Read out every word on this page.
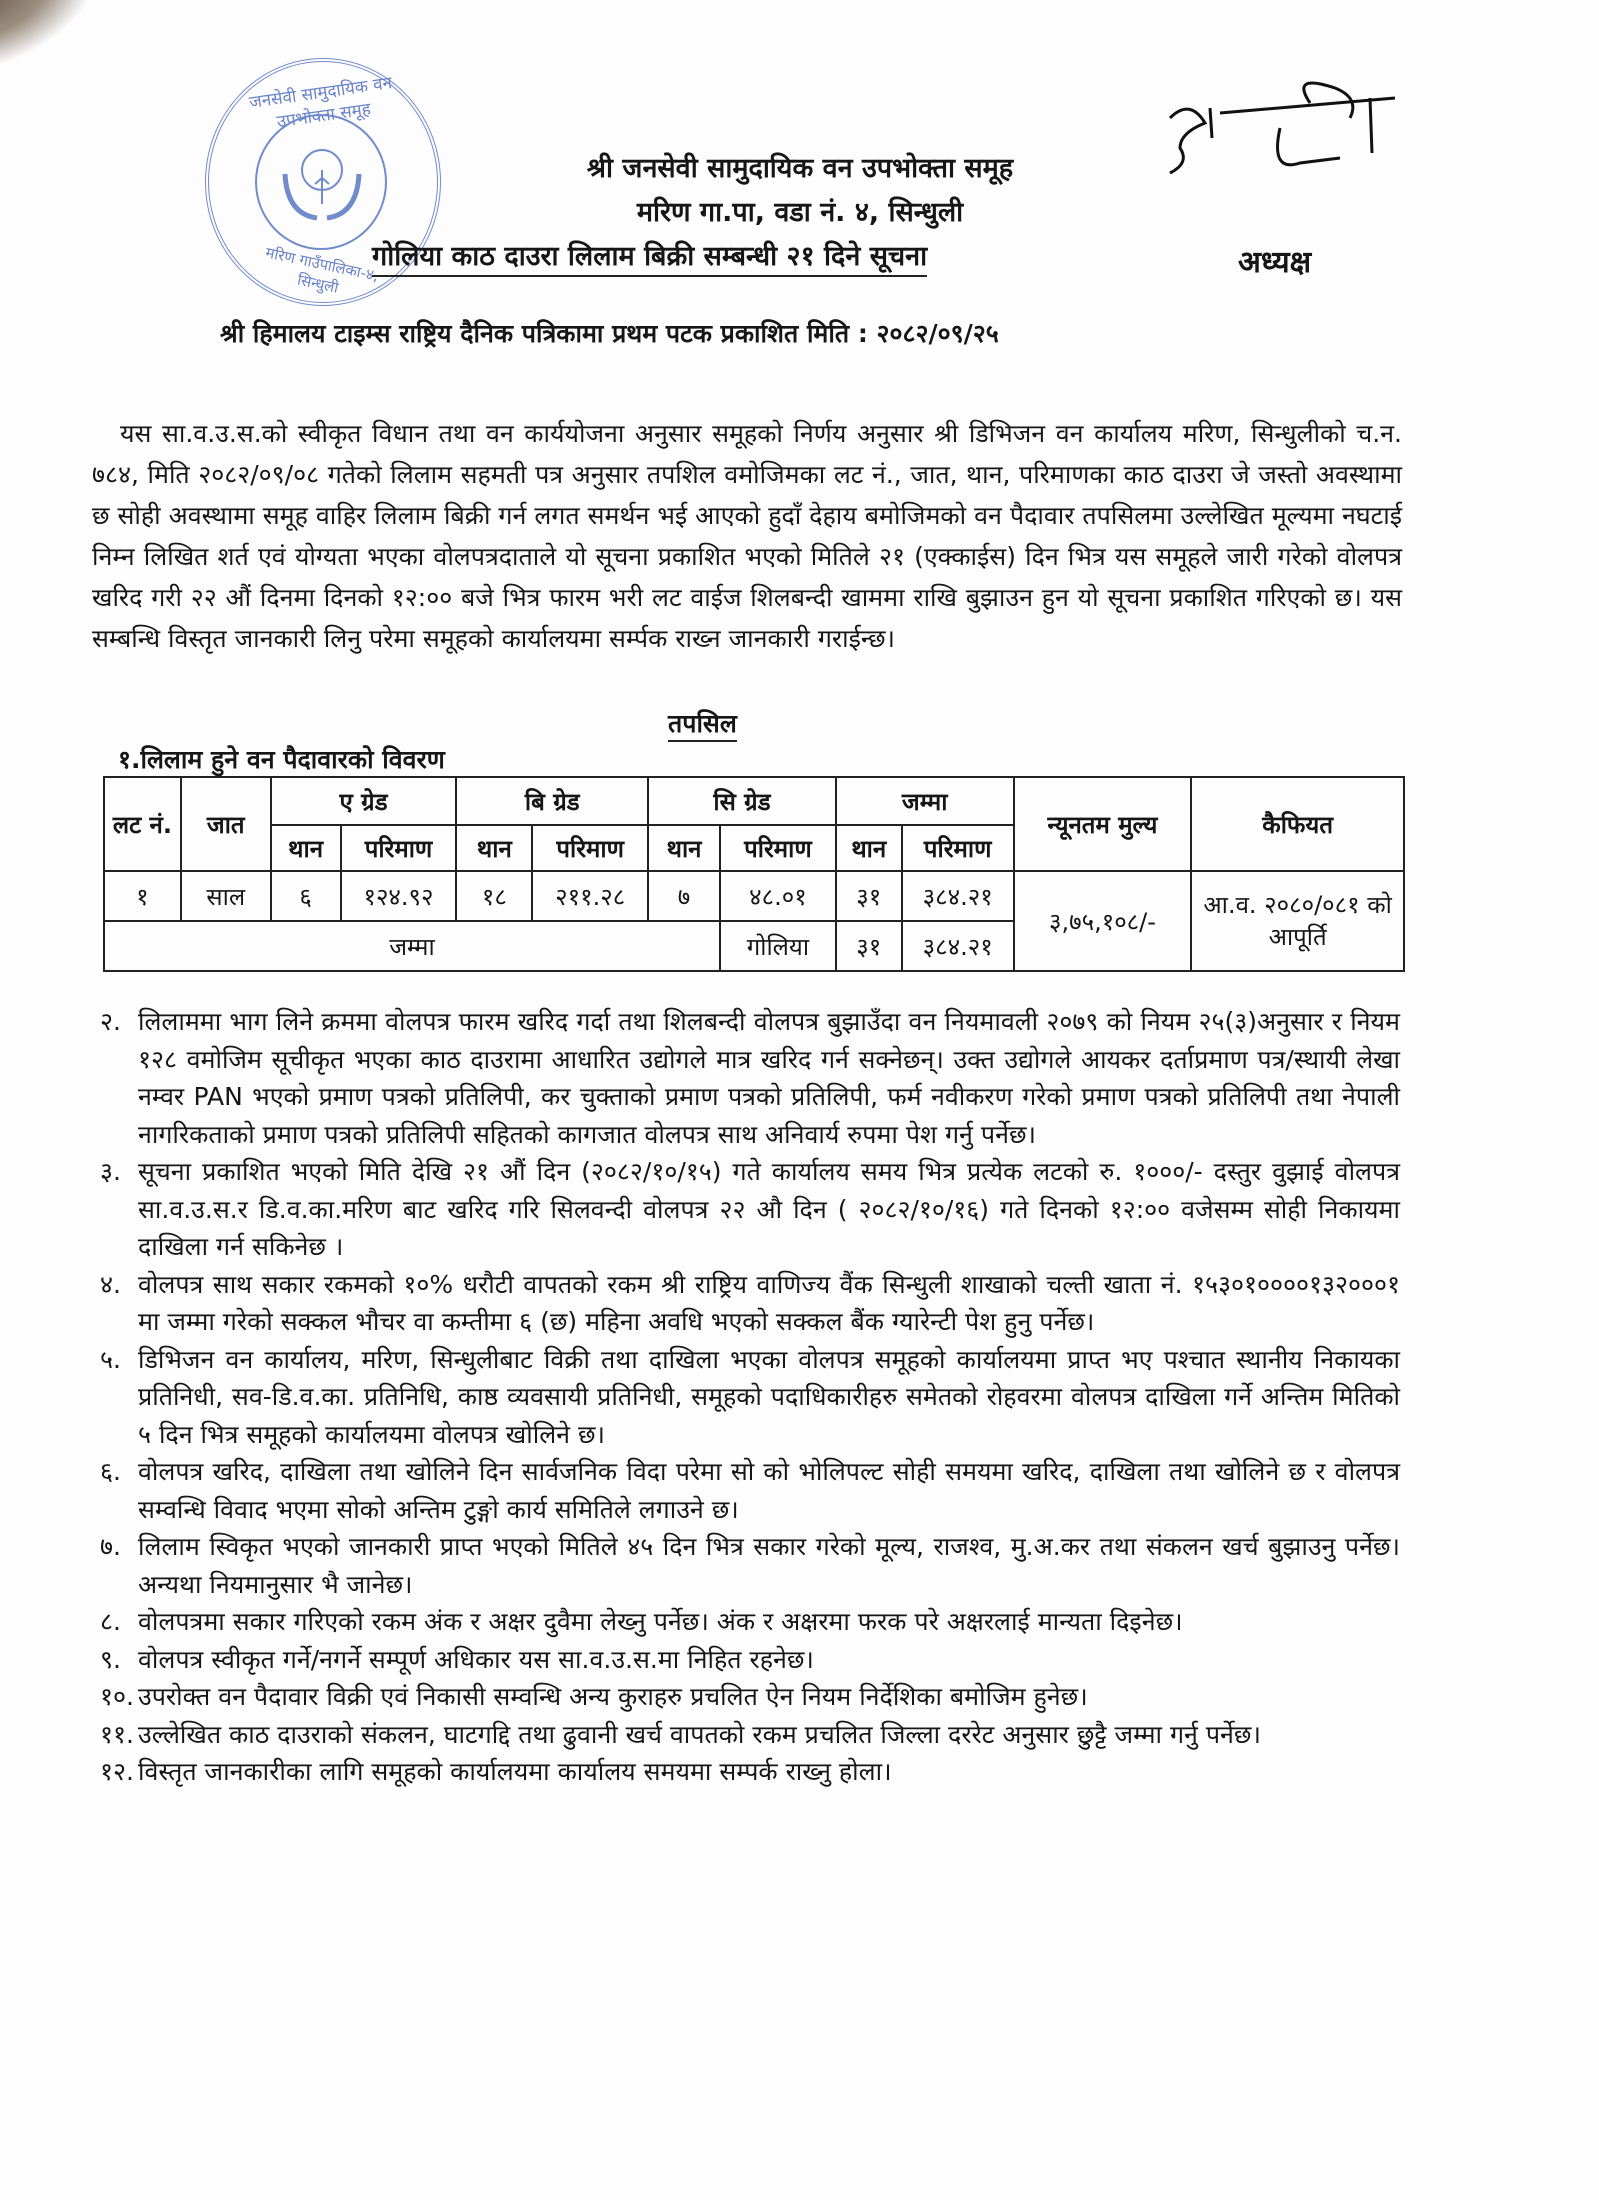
जनसेवी सामुदायिक वन उपभोक्ता समूह
मरिण गाउँपालिका-४, सिन्धुली
श्री जनसेवी सामुदायिक वन उपभोक्ता समूह
मरिण गा.पा, वडा नं. ४, सिन्धुली
गोलिया काठ दाउरा लिलाम बिक्री सम्बन्धी २१ दिने सूचना	अध्यक्ष
श्री हिमालय टाइम्स राष्ट्रिय दैनिक पत्रिकामा प्रथम पटक प्रकाशित मिति : २०८२/०९/२५

यस सा.व.उ.स.को स्वीकृत विधान तथा वन कार्ययोजना अनुसार समूहको निर्णय अनुसार श्री डिभिजन वन कार्यालय मरिण, सिन्धुलीको च.न. ७८४, मिति २०८२/०९/०८ गतेको लिलाम सहमती पत्र अनुसार तपशिल वमोजिमका लट नं., जात, थान, परिमाणका काठ दाउरा जे जस्तो अवस्थामा छ सोही अवस्थामा समूह वाहिर लिलाम बिक्री गर्न लगत समर्थन भई आएको हुदाँ देहाय बमोजिमको वन पैदावार तपसिलमा उल्लेखित मूल्यमा नघटाई निम्न लिखित शर्त एवं योग्यता भएका वोलपत्रदाताले यो सूचना प्रकाशित भएको मितिले २१ (एक्काईस) दिन भित्र यस समूहले जारी गरेको वोलपत्र खरिद गरी २२ औं दिनमा दिनको १२:०० बजे भित्र फारम भरी लट वाईज शिलबन्दी खाममा राखि बुझाउन हुन यो सूचना प्रकाशित गरिएको छ। यस सम्बन्धि विस्तृत जानकारी लिनु परेमा समूहको कार्यालयमा सर्म्पक राख्न जानकारी गराईन्छ।

तपसिल
१.लिलाम हुने वन पैदावारको विवरण
लट नं.	जात	ए ग्रेड		बि ग्रेड		सि ग्रेड		जम्मा		न्यूनतम मुल्य	कैफियत
		थान	परिमाण	थान	परिमाण	थान	परिमाण	थान	परिमाण		
१	साल	६	१२४.९२	१८	२११.२८	७	४८.०१	३१	३८४.२१	३,७५,१०८/-	आ.व. २०८०/०८१ को आपूर्ति
जम्मा							गोलिया	३१	३८४.२१		
२. लिलाममा भाग लिने क्रममा वोलपत्र फारम खरिद गर्दा तथा शिलबन्दी वोलपत्र बुझाउँदा वन नियमावली २०७९ को नियम २५(३)अनुसार र नियम १२८ वमोजिम सूचीकृत भएका काठ दाउरामा आधारित उद्योगले मात्र खरिद गर्न सक्नेछन्। उक्त उद्योगले आयकर दर्ताप्रमाण पत्र/स्थायी लेखा नम्वर PAN भएको प्रमाण पत्रको प्रतिलिपी, कर चुक्ताको प्रमाण पत्रको प्रतिलिपी, फर्म नवीकरण गरेको प्रमाण पत्रको प्रतिलिपी तथा नेपाली नागरिकताको प्रमाण पत्रको प्रतिलिपी सहितको कागजात वोलपत्र साथ अनिवार्य रुपमा पेश गर्नु पर्नेछ।
३. सूचना प्रकाशित भएको मिति देखि २१ औं दिन (२०८२/१०/१५) गते कार्यालय समय भित्र प्रत्येक लटको रु. १०००/- दस्तुर वुझाई वोलपत्र सा.व.उ.स.र डि.व.का.मरिण बाट खरिद गरि सिलवन्दी वोलपत्र २२ औ दिन ( २०८२/१०/१६) गते दिनको १२:०० वजेसम्म सोही निकायमा दाखिला गर्न सकिनेछ ।
४. वोलपत्र साथ सकार रकमको १०% धरौटी वापतको रकम श्री राष्ट्रिय वाणिज्य वैंक सिन्धुली शाखाको चल्ती खाता नं. १५३०१००००१३२०००१ मा जम्मा गरेको सक्कल भौचर वा कम्तीमा ६ (छ) महिना अवधि भएको सक्कल बैंक ग्यारेन्टी पेश हुनु पर्नेछ।
५. डिभिजन वन कार्यालय, मरिण, सिन्धुलीबाट विक्री तथा दाखिला भएका वोलपत्र समूहको कार्यालयमा प्राप्त भए पश्चात स्थानीय निकायका प्रतिनिधी, सव-डि.व.का. प्रतिनिधि, काष्ठ व्यवसायी प्रतिनिधी, समूहको पदाधिकारीहरु समेतको रोहवरमा वोलपत्र दाखिला गर्ने अन्तिम मितिको ५ दिन भित्र समूहको कार्यालयमा वोलपत्र खोलिने छ।
६. वोलपत्र खरिद, दाखिला तथा खोलिने दिन सार्वजनिक विदा परेमा सो को भोलिपल्ट सोही समयमा खरिद, दाखिला तथा खोलिने छ र वोलपत्र सम्वन्धि विवाद भएमा सोको अन्तिम टुङ्गो कार्य समितिले लगाउने छ।
७. लिलाम स्विकृत भएको जानकारी प्राप्त भएको मितिले ४५ दिन भित्र सकार गरेको मूल्य, राजश्व, मु.अ.कर तथा संकलन खर्च बुझाउनु पर्नेछ। अन्यथा नियमानुसार भै जानेछ।
८. वोलपत्रमा सकार गरिएको रकम अंक र अक्षर दुवैमा लेख्नु पर्नेछ। अंक र अक्षरमा फरक परे अक्षरलाई मान्यता दिइनेछ।
९. वोलपत्र स्वीकृत गर्ने/नगर्ने सम्पूर्ण अधिकार यस सा.व.उ.स.मा निहित रहनेछ।
१०. उपरोक्त वन पैदावार विक्री एवं निकासी सम्वन्धि अन्य कुराहरु प्रचलित ऐन नियम निर्देशिका बमोजिम हुनेछ।
११. उल्लेखित काठ दाउराको संकलन, घाटगद्दि तथा ढुवानी खर्च वापतको रकम प्रचलित जिल्ला दररेट अनुसार छुट्टै जम्मा गर्नु पर्नेछ।
१२. विस्तृत जानकारीका लागि समूहको कार्यालयमा कार्यालय समयमा सम्पर्क राख्नु होला।
